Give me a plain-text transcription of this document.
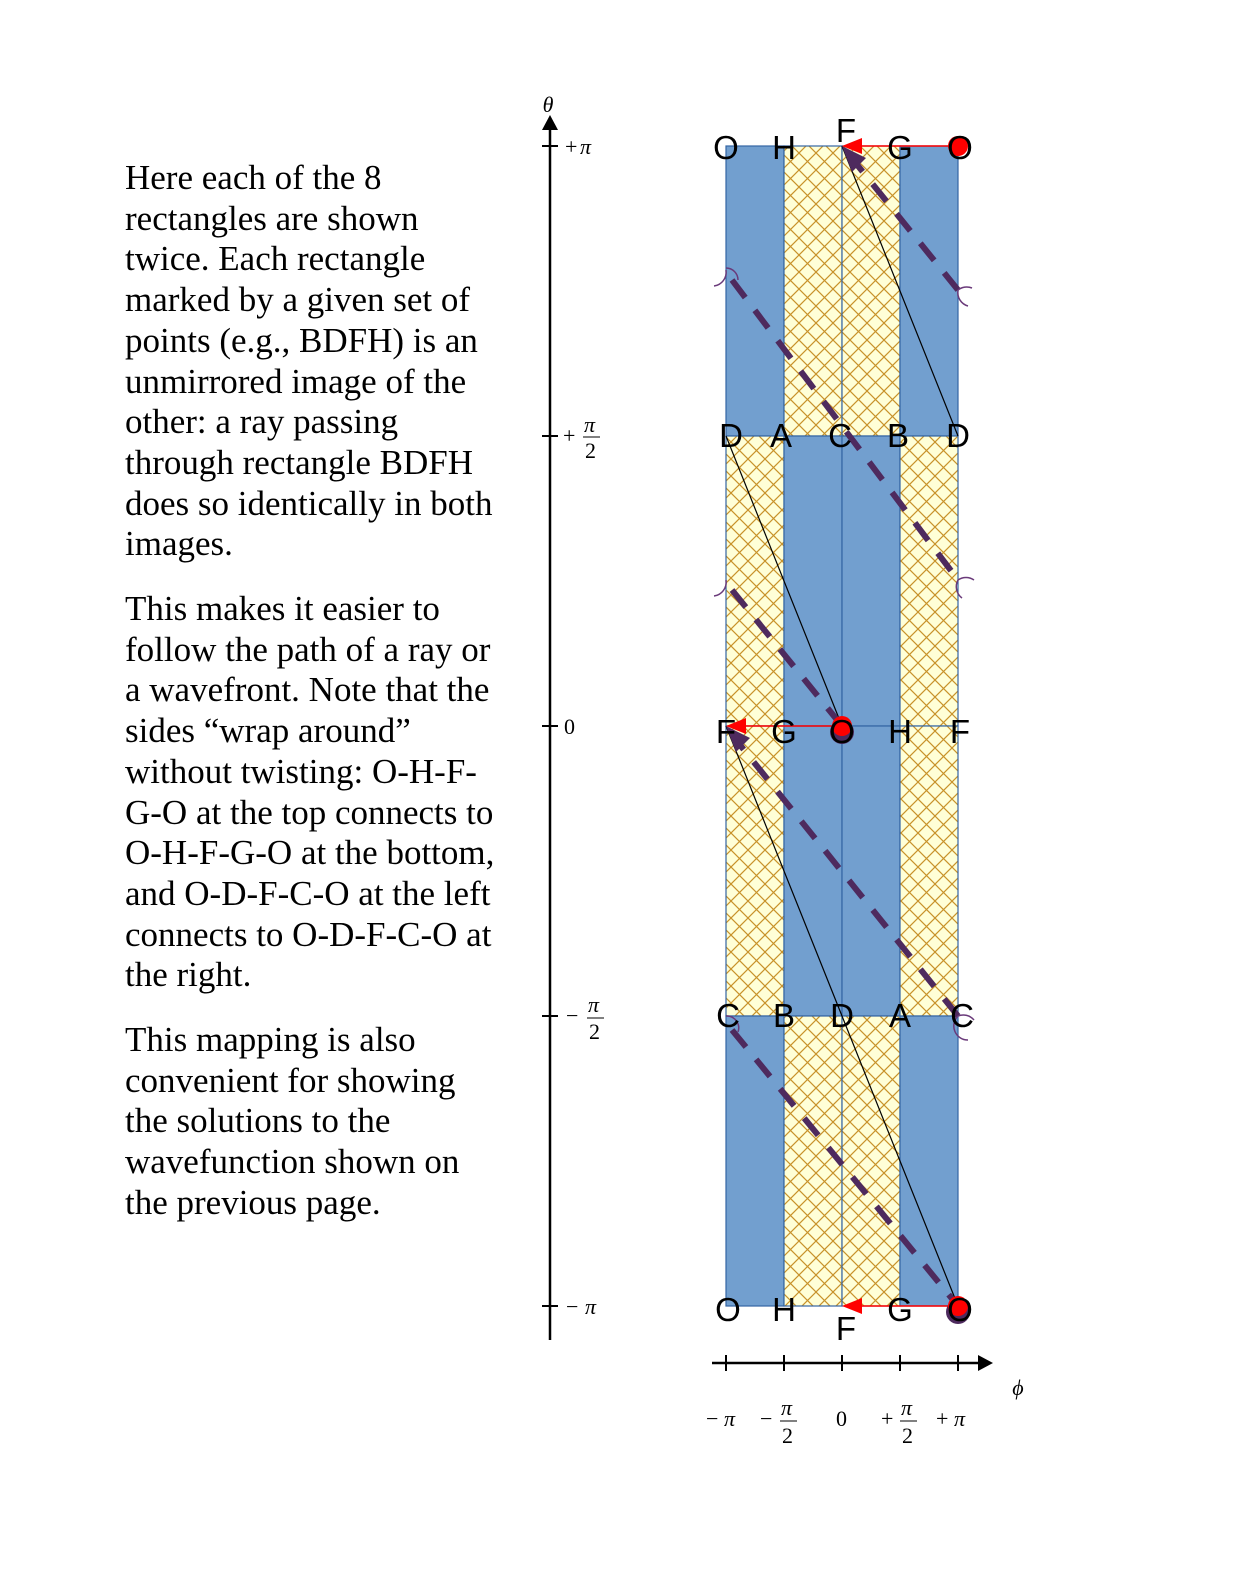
Here each of the 8 rectangles are shown twice. Each rectangle marked by a given set of points (e.g., BDFH) is an unmirrored image of the other: a ray passing through rectangle BDFH does so identically in both images.

This makes it easier to follow the path of a ray or a wavefront. Note that the sides “wrap around” without twisting: O-H-F-G-O at the top connects to O-H-F-G-O at the bottom, and O-D-F-C-O at the left connects to O-D-F-C-O at the right.

This mapping is also convenient for showing the solutions to the wavefunction shown on the previous page.

θ
+ π
+ π
2
0
− π
2
− π
ϕ
− π − π
2
0 + π
2
+ π
O H F G O
D A C B D
F G O H F
C B D A C
O H
F
G O
